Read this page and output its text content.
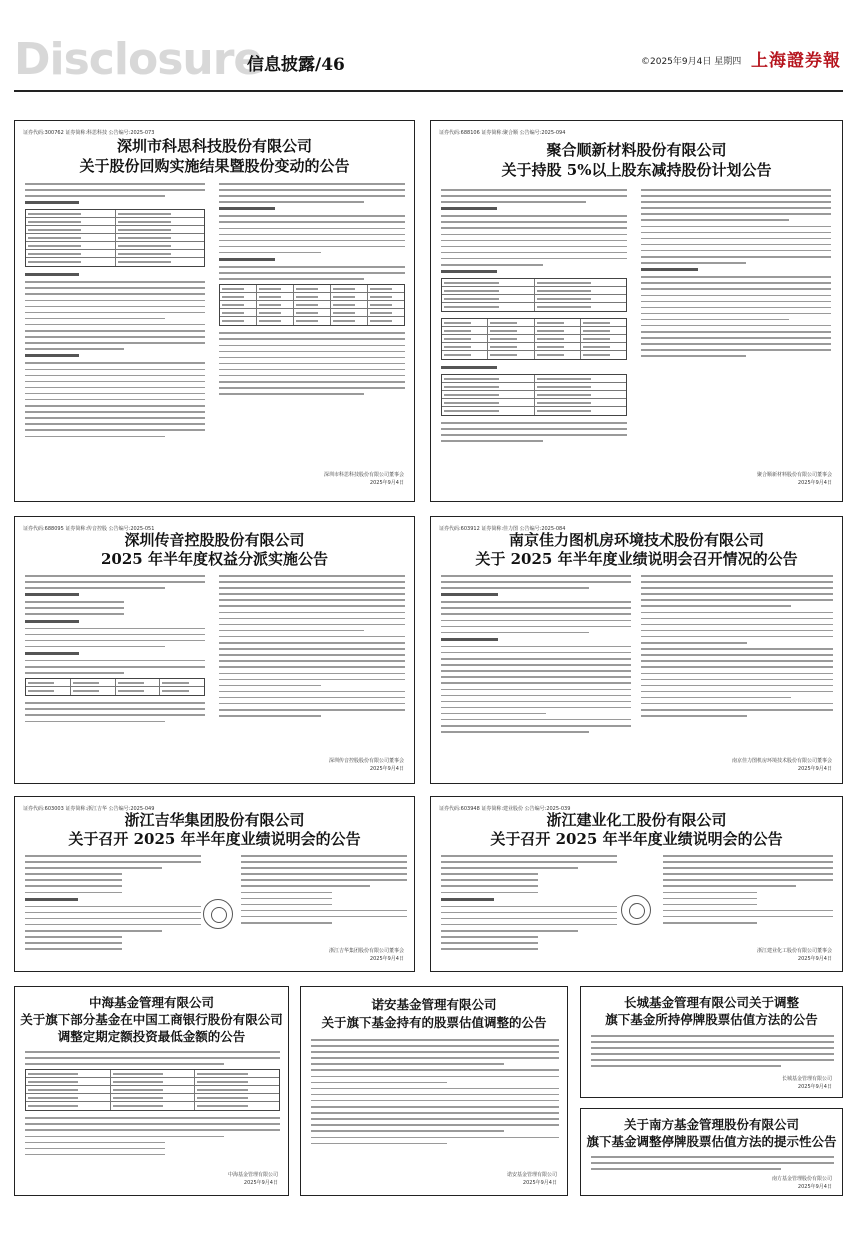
Disclosure
信息披露/46	©2025年9月4日 星期四 上海證券報
证券代码:300762 证券简称:科思科技 公告编号:2025-073
深圳市科思科技股份有限公司
关于股份回购实施结果暨股份变动的公告
深圳市科思科技股份有限公司董事会
2025年9月4日
证券代码:688106 证券简称:聚合顺 公告编号:2025-094
聚合顺新材料股份有限公司
关于持股 5%以上股东减持股份计划公告
聚合顺新材料股份有限公司董事会
2025年9月4日
证券代码:688095 证券简称:传音控股 公告编号:2025-051
深圳传音控股股份有限公司
2025 年半年度权益分派实施公告
深圳传音控股股份有限公司董事会
2025年9月4日
证券代码:603912 证券简称:佳力图 公告编号:2025-084
南京佳力图机房环境技术股份有限公司
关于 2025 年半年度业绩说明会召开情况的公告
南京佳力图机房环境技术股份有限公司董事会
2025年9月4日
证券代码:603003 证券简称:浙江吉华 公告编号:2025-049
浙江吉华集团股份有限公司
关于召开 2025 年半年度业绩说明会的公告
浙江吉华集团股份有限公司董事会
2025年9月4日
证券代码:603948 证券简称:建业股份 公告编号:2025-039
浙江建业化工股份有限公司
关于召开 2025 年半年度业绩说明会的公告
浙江建业化工股份有限公司董事会
2025年9月4日
中海基金管理有限公司
关于旗下部分基金在中国工商银行股份有限公司
调整定期定额投资最低金额的公告
中海基金管理有限公司
2025年9月4日
诺安基金管理有限公司
关于旗下基金持有的股票估值调整的公告
诺安基金管理有限公司
2025年9月4日
长城基金管理有限公司关于调整
旗下基金所持停牌股票估值方法的公告
长城基金管理有限公司
2025年9月4日
关于南方基金管理股份有限公司
旗下基金调整停牌股票估值方法的提示性公告
南方基金管理股份有限公司
2025年9月4日
